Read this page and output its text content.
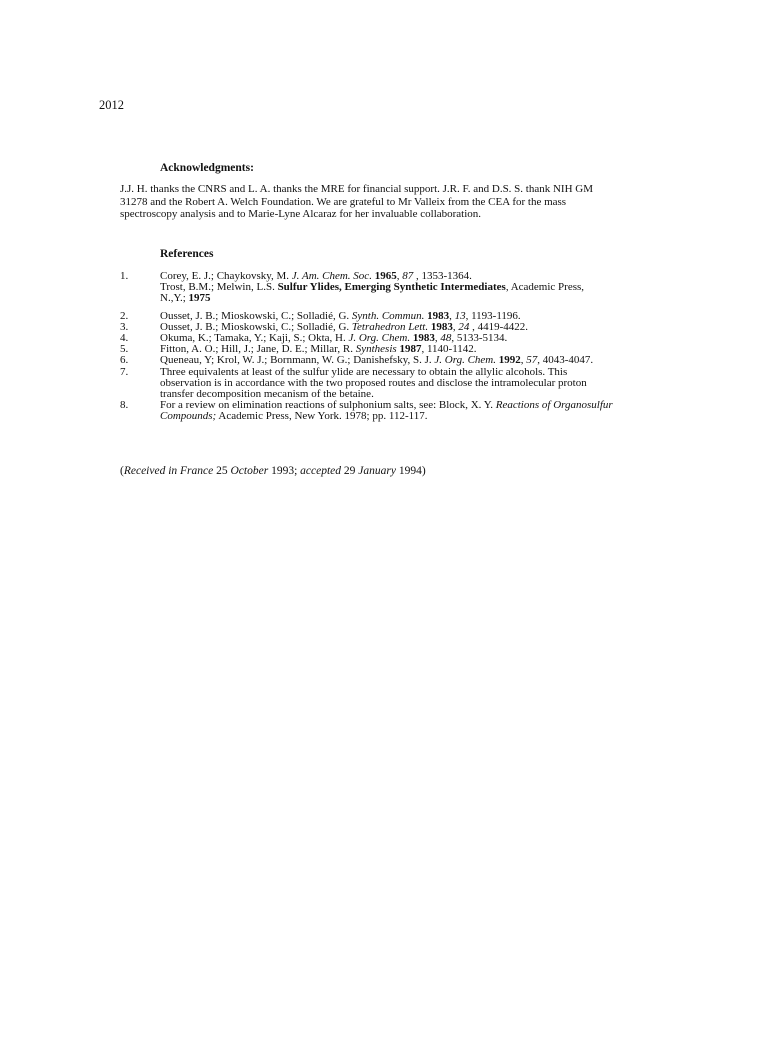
2012
Acknowledgments:
J.J. H. thanks the CNRS and L. A. thanks the MRE for financial support. J.R. F. and D.S. S. thank NIH GM
31278 and the Robert A. Welch Foundation. We are grateful to Mr Valleix from the CEA for the mass
spectroscopy analysis and to Marie-Lyne Alcaraz for her invaluable collaboration.
References
1.	Corey, E. J.; Chaykovsky, M. J. Am. Chem. Soc. 1965, 87 , 1353-1364.
Trost, B.M.; Melwin, L.S. Sulfur Ylides, Emerging Synthetic Intermediates, Academic Press,
N.,Y.; 1975
2.	Ousset, J. B.; Mioskowski, C.; Solladié, G. Synth. Commun. 1983, 13, 1193-1196.
3.	Ousset, J. B.; Mioskowski, C.; Solladié, G. Tetrahedron Lett. 1983, 24 , 4419-4422.
4.	Okuma, K.; Tamaka, Y.; Kaji, S.; Okta, H. J. Org. Chem. 1983, 48, 5133-5134.
5.	Fitton, A. O.; Hill, J.; Jane, D. E.; Millar, R. Synthesis 1987, 1140-1142.
6.	Queneau, Y; Krol, W. J.; Bornmann, W. G.; Danishefsky, S. J. J. Org. Chem. 1992, 57, 4043-4047.
7.	Three equivalents at least of the sulfur ylide are necessary to obtain the allylic alcohols. This
observation is in accordance with the two proposed routes and disclose the intramolecular proton
transfer decomposition mecanism of the betaine.
8.	For a review on elimination reactions of sulphonium salts, see: Block, X. Y. Reactions of Organosulfur
Compounds; Academic Press, New York. 1978; pp. 112-117.
(Received in France 25 October 1993; accepted 29 January 1994)
